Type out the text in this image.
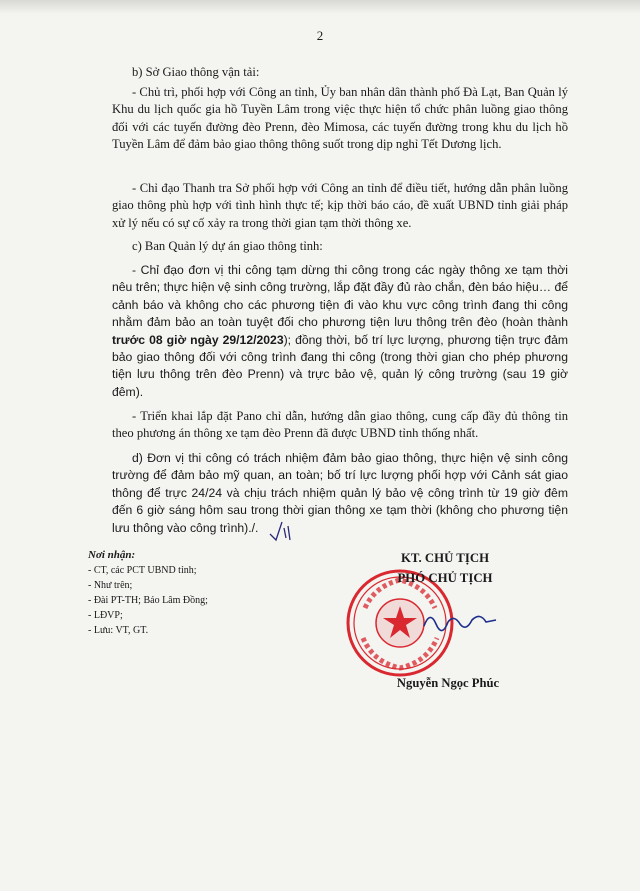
2
b) Sở Giao thông vận tải:
- Chủ trì, phối hợp với Công an tỉnh, Ủy ban nhân dân thành phố Đà Lạt, Ban Quản lý Khu du lịch quốc gia hồ Tuyền Lâm trong việc thực hiện tổ chức phân luồng giao thông đối với các tuyến đường đèo Prenn, đèo Mimosa, các tuyến đường trong khu du lịch hồ Tuyền Lâm để đảm bảo giao thông thông suốt trong dịp nghỉ Tết Dương lịch.
- Chỉ đạo Thanh tra Sở phối hợp với Công an tỉnh để điều tiết, hướng dẫn phân luồng giao thông phù hợp với tình hình thực tế; kịp thời báo cáo, đề xuất UBND tỉnh giải pháp xử lý nếu có sự cố xảy ra trong thời gian tạm thời thông xe.
c) Ban Quản lý dự án giao thông tỉnh:
- Chỉ đạo đơn vị thi công tạm dừng thi công trong các ngày thông xe tạm thời nêu trên; thực hiện vệ sinh công trường, lắp đặt đầy đủ rào chắn, đèn báo hiệu… để cảnh báo và không cho các phương tiện đi vào khu vực công trình đang thi công nhằm đảm bảo an toàn tuyệt đối cho phương tiện lưu thông trên đèo (hoàn thành trước 08 giờ ngày 29/12/2023); đồng thời, bố trí lực lượng, phương tiện trực đảm bảo giao thông đối với công trình đang thi công (trong thời gian cho phép phương tiện lưu thông trên đèo Prenn) và trực bảo vệ, quản lý công trường (sau 19 giờ đêm).
- Triển khai lắp đặt Pano chỉ dẫn, hướng dẫn giao thông, cung cấp đầy đủ thông tin theo phương án thông xe tạm đèo Prenn đã được UBND tỉnh thống nhất.
d) Đơn vị thi công có trách nhiệm đảm bảo giao thông, thực hiện vệ sinh công trường để đảm bảo mỹ quan, an toàn; bố trí lực lượng phối hợp với Cảnh sát giao thông để trực 24/24 và chịu trách nhiệm quản lý bảo vệ công trình từ 19 giờ đêm đến 6 giờ sáng hôm sau trong thời gian thông xe tạm thời (không cho phương tiện lưu thông vào công trình)./.
Nơi nhận:
- CT, các PCT UBND tỉnh;
- Như trên;
- Đài PT-TH; Báo Lâm Đồng;
- LĐVP;
- Lưu: VT, GT.
KT. CHỦ TỊCH
PHÓ CHỦ TỊCH
Nguyễn Ngọc Phúc
